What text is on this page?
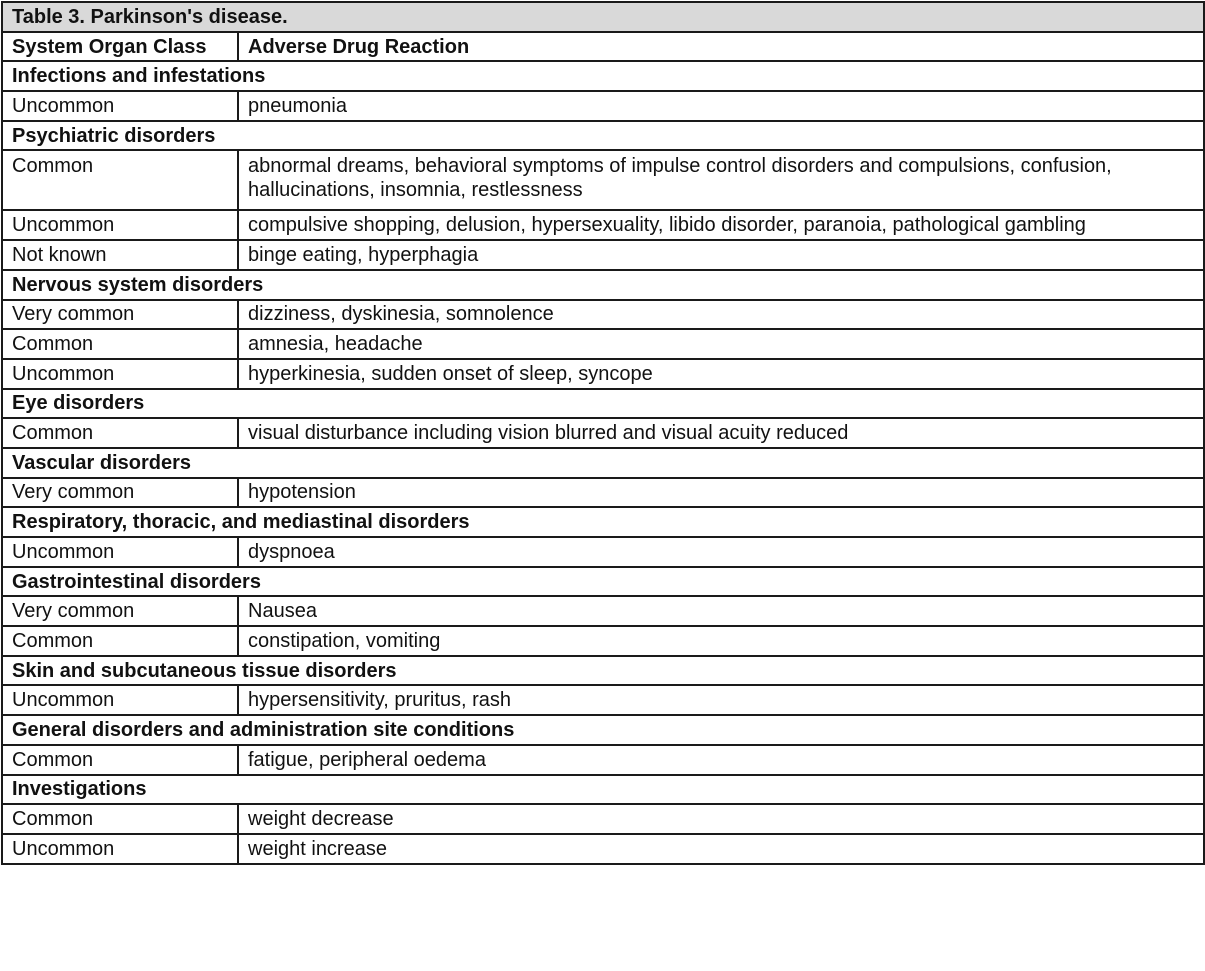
Table 3. Parkinson's disease.	
System Organ Class	Adverse Drug Reaction
Infections and infestations	
Uncommon	pneumonia
Psychiatric disorders	
Common	abnormal dreams, behavioral symptoms of impulse control disorders and compulsions, confusion, hallucinations, insomnia, restlessness
Uncommon	compulsive shopping, delusion, hypersexuality, libido disorder, paranoia, pathological gambling
Not known	binge eating, hyperphagia
Nervous system disorders	
Very common	dizziness, dyskinesia, somnolence
Common	amnesia, headache
Uncommon	hyperkinesia, sudden onset of sleep, syncope
Eye disorders	
Common	visual disturbance including vision blurred and visual acuity reduced
Vascular disorders	
Very common	hypotension
Respiratory, thoracic, and mediastinal disorders	
Uncommon	dyspnoea
Gastrointestinal disorders	
Very common	Nausea
Common	constipation, vomiting
Skin and subcutaneous tissue disorders	
Uncommon	hypersensitivity, pruritus, rash
General disorders and administration site conditions	
Common	fatigue, peripheral oedema
Investigations	
Common	weight decrease
Uncommon	weight increase
